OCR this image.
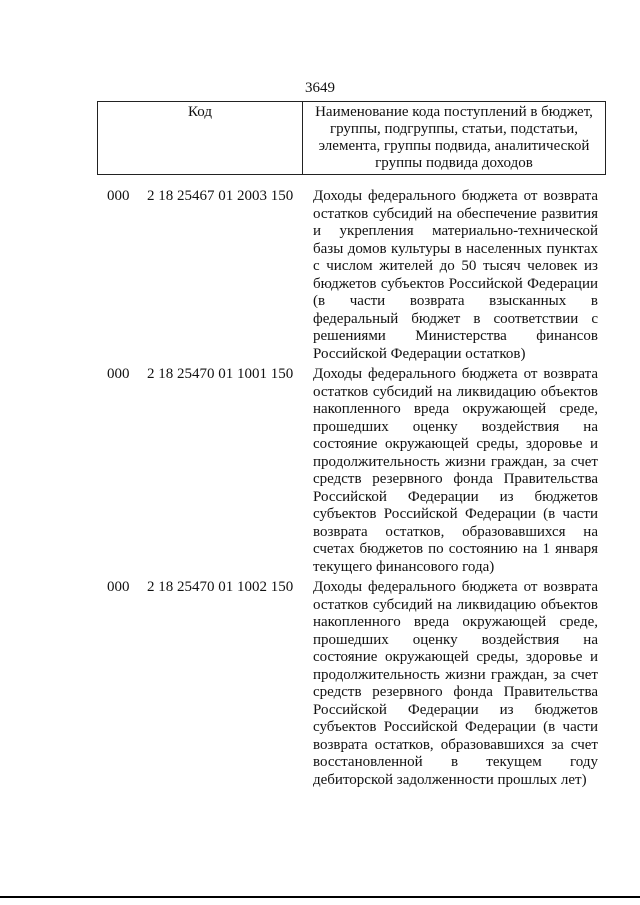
3649
Код	Наименование кода поступлений в бюджет, группы, подгруппы, статьи, подстатьи, элемента, группы подвида, аналитической группы подвида доходов
000	2 18 25467 01 2003 150	Доходы федерального бюджета от возврата остатков субсидий на обеспечение развития и укрепления материально-технической базы домов культуры в населенных пунктах с числом жителей до 50 тысяч человек из бюджетов субъектов Российской Федерации (в части возврата взысканных в федеральный бюджет в соответствии с решениями Министерства финансов Российской Федерации остатков)
000	2 18 25470 01 1001 150	Доходы федерального бюджета от возврата остатков субсидий на ликвидацию объектов накопленного вреда окружающей среде, прошедших оценку воздействия на состояние окружающей среды, здоровье и продолжительность жизни граждан, за счет средств резервного фонда Правительства Российской Федерации из бюджетов субъектов Российской Федерации (в части возврата остатков, образовавшихся на счетах бюджетов по состоянию на 1 января текущего финансового года)
000	2 18 25470 01 1002 150	Доходы федерального бюджета от возврата остатков субсидий на ликвидацию объектов накопленного вреда окружающей среде, прошедших оценку воздействия на состояние окружающей среды, здоровье и продолжительность жизни граждан, за счет средств резервного фонда Правительства Российской Федерации из бюджетов субъектов Российской Федерации (в части возврата остатков, образовавшихся за счет восстановленной в текущем году дебиторской задолженности прошлых лет)
